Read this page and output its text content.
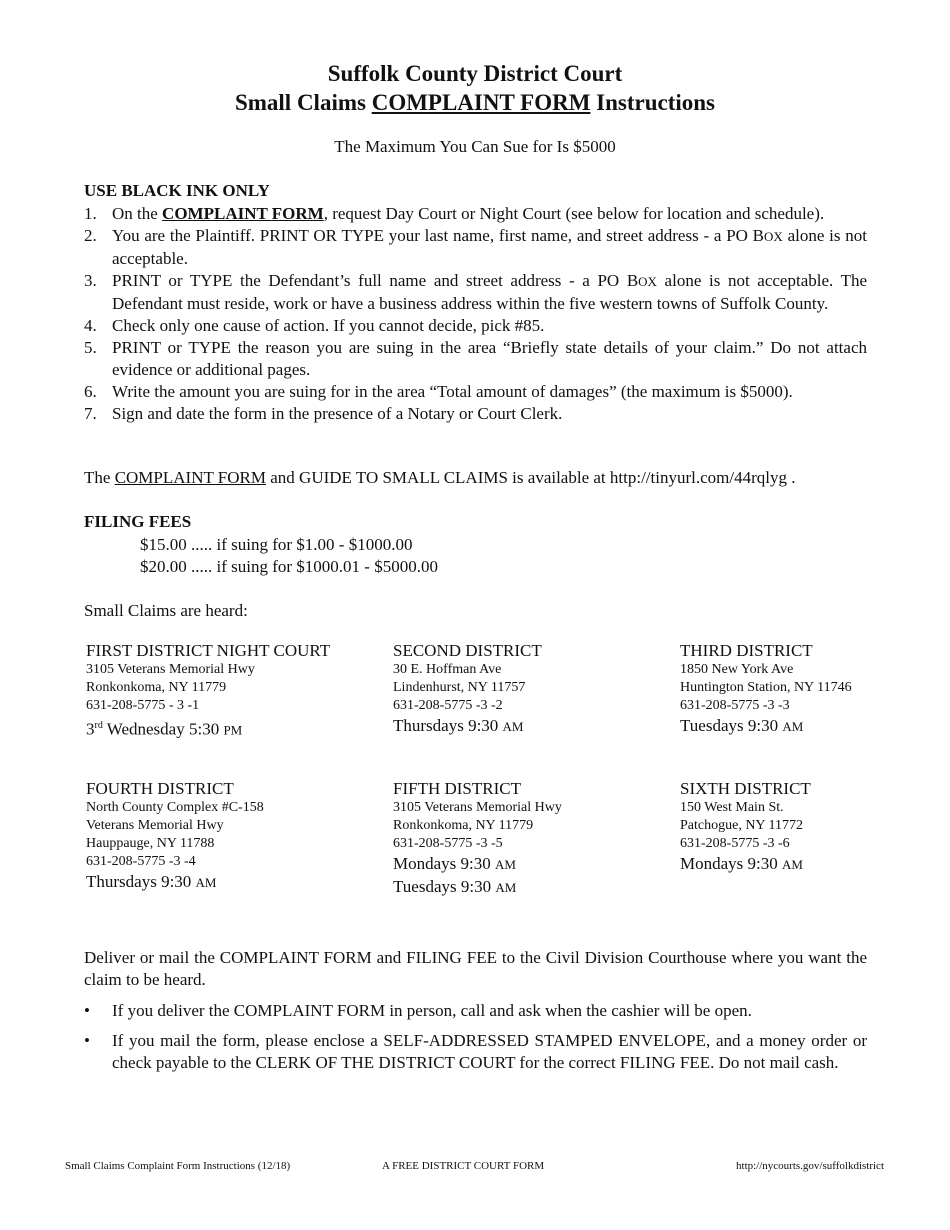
Suffolk County District Court
Small Claims COMPLAINT FORM Instructions
The Maximum You Can Sue for Is $5000
USE BLACK INK ONLY
1. On the COMPLAINT FORM, request Day Court or Night Court (see below for location and schedule).
2. You are the Plaintiff. PRINT OR TYPE your last name, first name, and street address - a PO BOX alone is not acceptable.
3. PRINT or TYPE the Defendant’s full name and street address - a PO BOX alone is not acceptable. The Defendant must reside, work or have a business address within the five western towns of Suffolk County.
4. Check only one cause of action. If you cannot decide, pick #85.
5. PRINT or TYPE the reason you are suing in the area “Briefly state details of your claim.” Do not attach evidence or additional pages.
6. Write the amount you are suing for in the area “Total amount of damages” (the maximum is $5000).
7. Sign and date the form in the presence of a Notary or Court Clerk.
The COMPLAINT FORM and GUIDE TO SMALL CLAIMS is available at http://tinyurl.com/44rqlyg .
FILING FEES
$15.00 ..... if suing for $1.00 - $1000.00
$20.00 ..... if suing for $1000.01 - $5000.00
Small Claims are heard:
FIRST DISTRICT NIGHT COURT
3105 Veterans Memorial Hwy
Ronkonkoma, NY 11779
631-208-5775 - 3 -1
3rd Wednesday 5:30 PM
SECOND DISTRICT
30 E. Hoffman Ave
Lindenhurst, NY 11757
631-208-5775 -3 -2
Thursdays 9:30 AM
THIRD DISTRICT
1850 New York Ave
Huntington Station, NY 11746
631-208-5775 -3 -3
Tuesdays 9:30 AM
FOURTH DISTRICT
North County Complex #C-158
Veterans Memorial Hwy
Hauppauge, NY 11788
631-208-5775 -3 -4
Thursdays 9:30 AM
FIFTH DISTRICT
3105 Veterans Memorial Hwy
Ronkonkoma, NY 11779
631-208-5775 -3 -5
Mondays 9:30 AM
Tuesdays 9:30 AM
SIXTH DISTRICT
150 West Main St.
Patchogue, NY 11772
631-208-5775 -3 -6
Mondays 9:30 AM
Deliver or mail the COMPLAINT FORM and FILING FEE to the Civil Division Courthouse where you want the claim to be heard.
•	If you deliver the COMPLAINT FORM in person, call and ask when the cashier will be open.
•	If you mail the form, please enclose a SELF-ADDRESSED STAMPED ENVELOPE, and a money order or check payable to the CLERK OF THE DISTRICT COURT for the correct FILING FEE. Do not mail cash.
Small Claims Complaint Form Instructions (12/18)	A FREE DISTRICT COURT FORM	http://nycourts.gov/suffolkdistrict
